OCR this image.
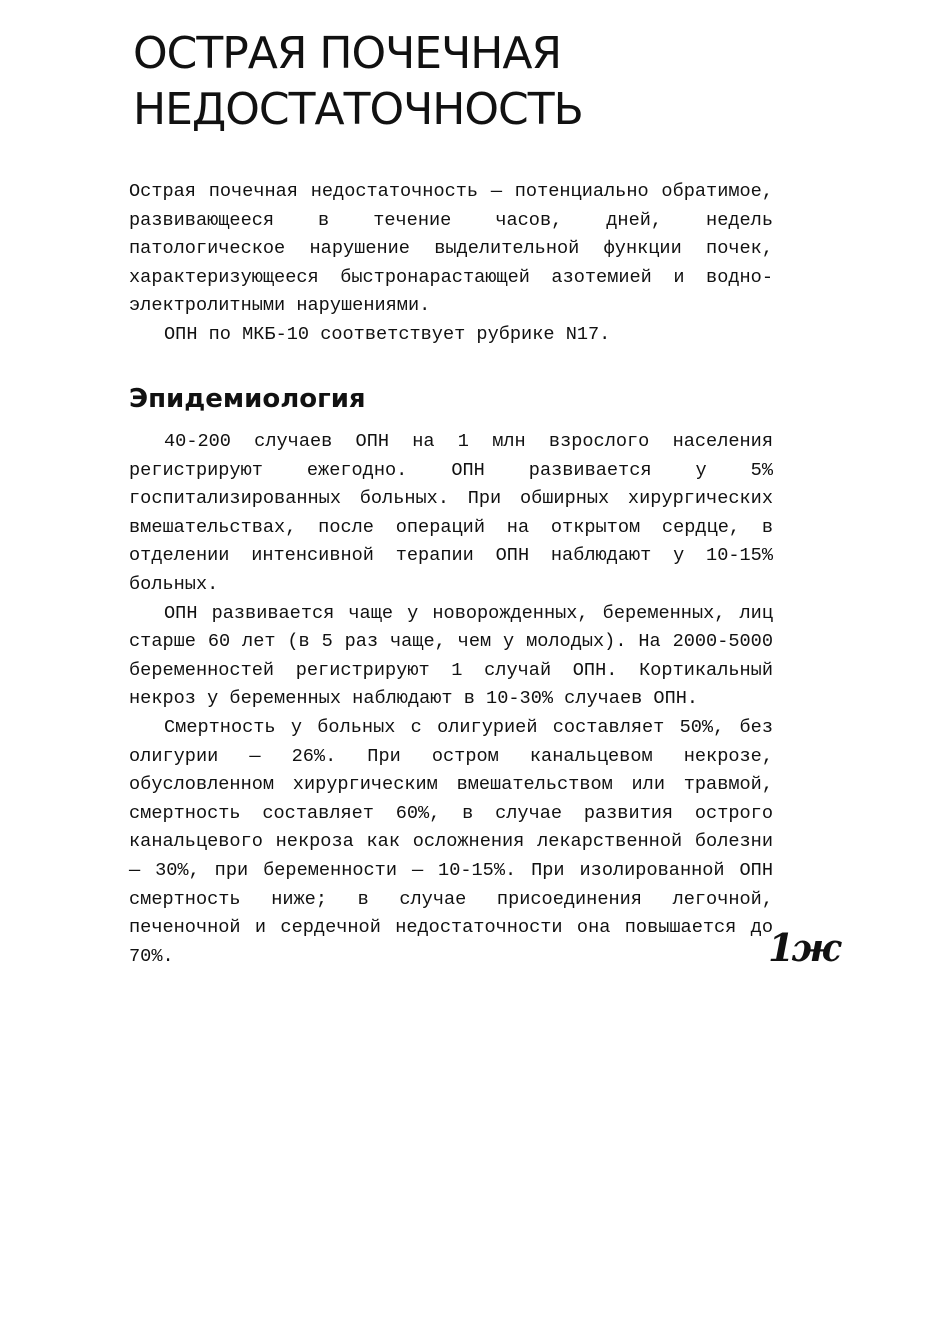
ОСТРАЯ ПОЧЕЧНАЯ
НЕДОСТАТОЧНОСТЬ

Острая почечная недостаточность — потенциально обратимое, развивающееся в течение часов, дней, недель патологическое нарушение выделительной функции почек, характеризующееся быстронарастающей азотемией и водно-электролитными нарушениями.

ОПН по МКБ-10 соответствует рубрике N17.

Эпидемиология

40-200 случаев ОПН на 1 млн взрослого населения регистрируют ежегодно. ОПН развивается у 5% госпитализированных больных. При обширных хирургических вмешательствах, после операций на открытом сердце, в отделении интенсивной терапии ОПН наблюдают у 10-15% больных.

ОПН развивается чаще у новорожденных, беременных, лиц старше 60 лет (в 5 раз чаще, чем у молодых). На 2000-5000 беременностей регистрируют 1 случай ОПН. Кортикальный некроз у беременных наблюдают в 10-30% случаев ОПН.

Смертность у больных с олигурией составляет 50%, без олигурии — 26%. При остром канальцевом некрозе, обусловленном хирургическим вмешательством или травмой, смертность составляет 60%, в случае развития острого канальцевого некроза как осложнения лекарственной болезни — 30%, при беременности — 10-15%. При изолированной ОПН смертность ниже; в случае присоединения легочной, печеночной и сердечной недостаточности она повышается до 70%.	1ж
